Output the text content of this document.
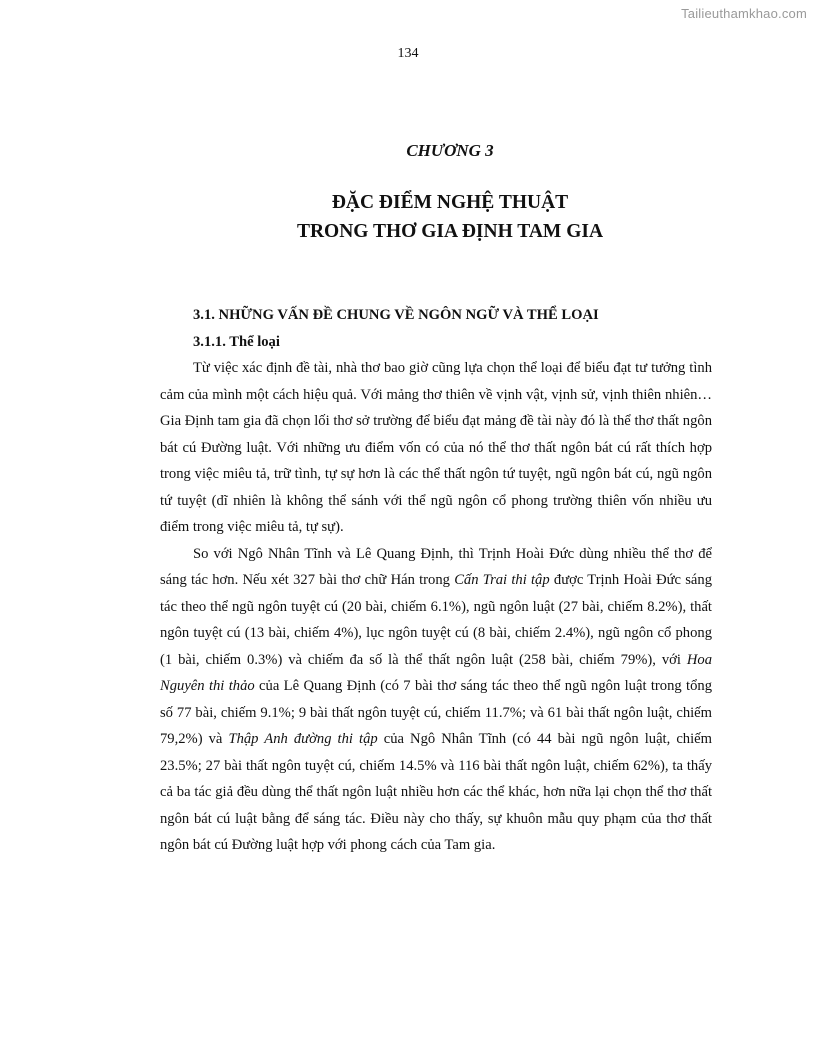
Tailieuthamkhao.com
134
CHƯƠNG 3
ĐẶC ĐIỂM NGHỆ THUẬT
TRONG THƠ GIA ĐỊNH TAM GIA
3.1. NHỮNG VẤN ĐỀ CHUNG VỀ NGÔN NGỮ VÀ THỂ LOẠI
3.1.1. Thể loại

Từ việc xác định đề tài, nhà thơ bao giờ cũng lựa chọn thể loại để biểu đạt tư tưởng tình cảm của mình một cách hiệu quả. Với mảng thơ thiên về vịnh vật, vịnh sử, vịnh thiên nhiên… Gia Định tam gia đã chọn lối thơ sở trường để biểu đạt mảng đề tài này đó là thể thơ thất ngôn bát cú Đường luật. Với những ưu điểm vốn có của nó thể thơ thất ngôn bát cú rất thích hợp trong việc miêu tả, trữ tình, tự sự hơn là các thể thất ngôn tứ tuyệt, ngũ ngôn bát cú, ngũ ngôn tứ tuyệt (dĩ nhiên là không thể sánh với thể ngũ ngôn cổ phong trường thiên vốn nhiều ưu điểm trong việc miêu tả, tự sự).

So với Ngô Nhân Tĩnh và Lê Quang Định, thì Trịnh Hoài Đức dùng nhiều thể thơ để sáng tác hơn. Nếu xét 327 bài thơ chữ Hán trong Cấn Trai thi tập được Trịnh Hoài Đức sáng tác theo thể ngũ ngôn tuyệt cú (20 bài, chiếm 6.1%), ngũ ngôn luật (27 bài, chiếm 8.2%), thất ngôn tuyệt cú (13 bài, chiếm 4%), lục ngôn tuyệt cú (8 bài, chiếm 2.4%), ngũ ngôn cổ phong (1 bài, chiếm 0.3%) và chiếm đa số là thể thất ngôn luật (258 bài, chiếm 79%), với Hoa Nguyên thi thảo của Lê Quang Định (có 7 bài thơ sáng tác theo thể ngũ ngôn luật trong tổng số 77 bài, chiếm 9.1%; 9 bài thất ngôn tuyệt cú, chiếm 11.7%; và 61 bài thất ngôn luật, chiếm 79,2%) và Thập Anh đường thi tập của Ngô Nhân Tĩnh (có 44 bài ngũ ngôn luật, chiếm 23.5%; 27 bài thất ngôn tuyệt cú, chiếm 14.5% và 116 bài thất ngôn luật, chiếm 62%), ta thấy cả ba tác giả đều dùng thể thất ngôn luật nhiều hơn các thể khác, hơn nữa lại chọn thể thơ thất ngôn bát cú luật bằng để sáng tác. Điều này cho thấy, sự khuôn mẫu quy phạm của thơ thất ngôn bát cú Đường luật hợp với phong cách của Tam gia.
